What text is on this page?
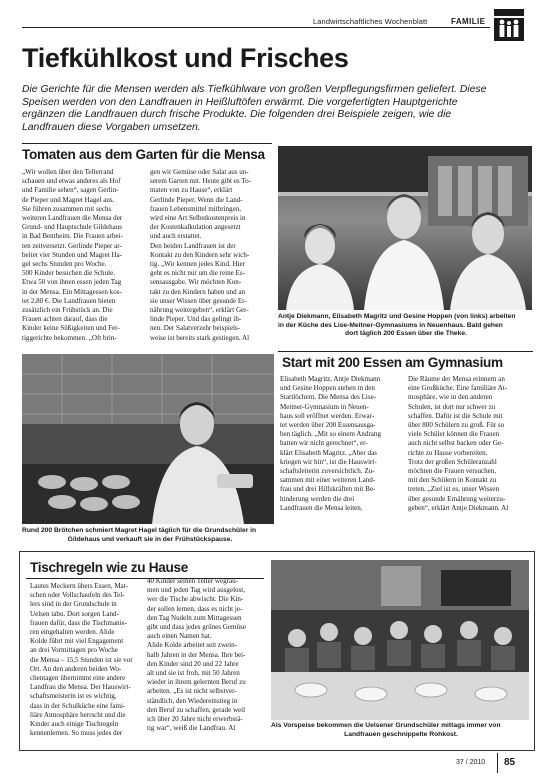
Landwirtschaftliches Wochenblatt	FAMILIE
Tiefkühlkost und Frisches
Die Gerichte für die Mensen werden als Tiefkühlware von großen Verpflegungsfirmen geliefert. Diese
Speisen werden von den Landfrauen in Heißluftöfen erwärmt. Die vorgefertigten Hauptgerichte
ergänzen die Landfrauen durch frische Produkte. Die folgenden drei Beispiele zeigen, wie die
Landfrauen diese Vorgaben umsetzen.
Tomaten aus dem Garten für die Mensa
„Wir wollen über den Tellerrand
schauen und etwas anderes als Hof
und Familie sehen“, sagen Gerlin-
de Pieper und Magret Hagel aus.
Sie führen zusammen mit sechs
weiteren Landfrauen die Mensa der
Grund- und Hauptschule Gildehaus
in Bad Bentheim. Die Frauen arbei-
ten zeitversetzt. Gerlinde Pieper ar-
beitet vier Stunden und Magret Ha-
gel sechs Stunden pro Woche.
500 Kinder besuchen die Schule.
Etwa 50 von ihnen essen jeden Tag
in der Mensa. Ein Mittagessen kos-
tet 2,80 €. Die Landfrauen bieten
zusätzlich ein Frühstück an. Die
Frauen achten darauf, dass die
Kinder keine Süßigkeiten und Fer-
tiggerichte bekommen. „Oft brin-
gen wir Gemüse oder Salat aus un-
serem Garten mit. Heute gibt es To-
maten von zu Hause“, erklärt
Gerlinde Pieper. Wenn die Land-
frauen Lebensmittel mitbringen,
wird eine Art Selbstkostenpreis in
der Kostenkalkulation angesetzt
und auch erstattet.
Den beiden Landfrauen ist der
Kontakt zu den Kindern sehr wich-
tig. „Wir kennen jedes Kind. Hier
geht es nicht nur um die reine Es-
sensausgabe. Wir möchten Kon-
takt zu den Kindern haben und an
sie unser Wissen über gesunde Er-
nährung weitergeben“, erklärt Ger-
linde Pieper. Und das gelingt ih-
nen. Der Salatverzehr beispiels-
weise ist bereits stark gestiegen. Al
Antje Diekmann, Elisabeth Magritz und Gesine Hoppen (von links) arbeiten
in der Küche des Lise-Meitner-Gymnasiums in Neuenhaus. Bald gehen
dort täglich 200 Essen über die Theke.
Rund 200 Brötchen schmiert Magret Hagel täglich für die Grundschüler in
Gildehaus und verkauft sie in der Frühstückspause.
Start mit 200 Essen am Gymnasium
Elisabeth Magritz, Antje Diekmann
und Gesine Hoppen stehen in den
Startlöchern. Die Mensa des Lise-
Meitner-Gymnasium in Neuen-
haus soll eröffnet werden. Erwar-
tet werden über 200 Essensausga-
ben täglich. „Mit so einem Andrang
hatten wir nicht gerechnet“, er-
klärt Elisabeth Magritz. „Aber das
kriegen wir hin“, ist die Hauswirt-
schaftsleiterin zuversichtlich. Zu-
sammen mit einer weiteren Land-
frau und drei Hilfskräften mit Be-
hinderung werden die drei
Landfrauen die Mensa leiten.
Die Räume der Mensa erinnern an
eine Großküche. Eine familiäre At-
mosphäre, wie in den anderen
Schulen, ist dort nur schwer zu
schaffen. Dafür ist die Schule mit
über 800 Schülern zu groß. Für so
viele Schüler können die Frauen
auch nicht selbst backen oder Ge-
richte zu Hause vorbereiten.
Trotz der großen Schüleranzahl
möchten die Frauen versuchen,
mit den Schülern in Kontakt zu
treten. „Ziel ist es, unser Wissen
über gesunde Ernährung weiterzu-
geben“, erklärt Antje Diekmann. Al
Tischregeln wie zu Hause
Lautes Meckern übers Essen, Mat-
schen oder Vollschaufeln des Tel-
lers sind in der Grundschule in
Uelsen tabu. Dort sorgen Land-
frauen dafür, dass die Tischmanie-
ren eingehalten werden. Alide
Kolde führt mit viel Engagement
an drei Vormittagen pro Woche
die Mensa – 15,5 Stunden ist sie vor
Ort. An den anderen beiden Wo-
chentagen übernimmt eine andere
Landfrau die Mensa. Der Hauswirt-
schaftsmeisterin ist es wichtig,
dass in der Schulküche eine fami-
liäre Atmosphäre herrscht und die
Kinder auch einige Tischregeln
kennenlernen. So muss jedes der
40 Kinder seinen Teller wegräu-
men und jeden Tag wird ausgelost,
wer die Tische abwischt. Die Kin-
der sollen lernen, dass es nicht je-
den Tag Nudeln zum Mittagessen
gibt und dass jedes grünes Gemüse
auch einen Namen hat.
Alide Kolde arbeitet seit zwein-
halb Jahren in der Mensa. Ihre bei-
den Kinder sind 20 und 22 Jahre
alt und sie ist froh, mit 50 Jahren
wieder in ihrem gelernten Beruf zu
arbeiten. „Es ist nicht selbstver-
ständlich, den Wiedereinstieg in
den Beruf zu schaffen, gerade weil
ich über 20 Jahre nicht erwerbstä-
tig war“, weiß die Landfrau. Al	Als Vorspeise bekommen die Uelsener Grundschüler mittags immer von
Landfrauen geschnippelte Rohkost.
37 / 2010 85
